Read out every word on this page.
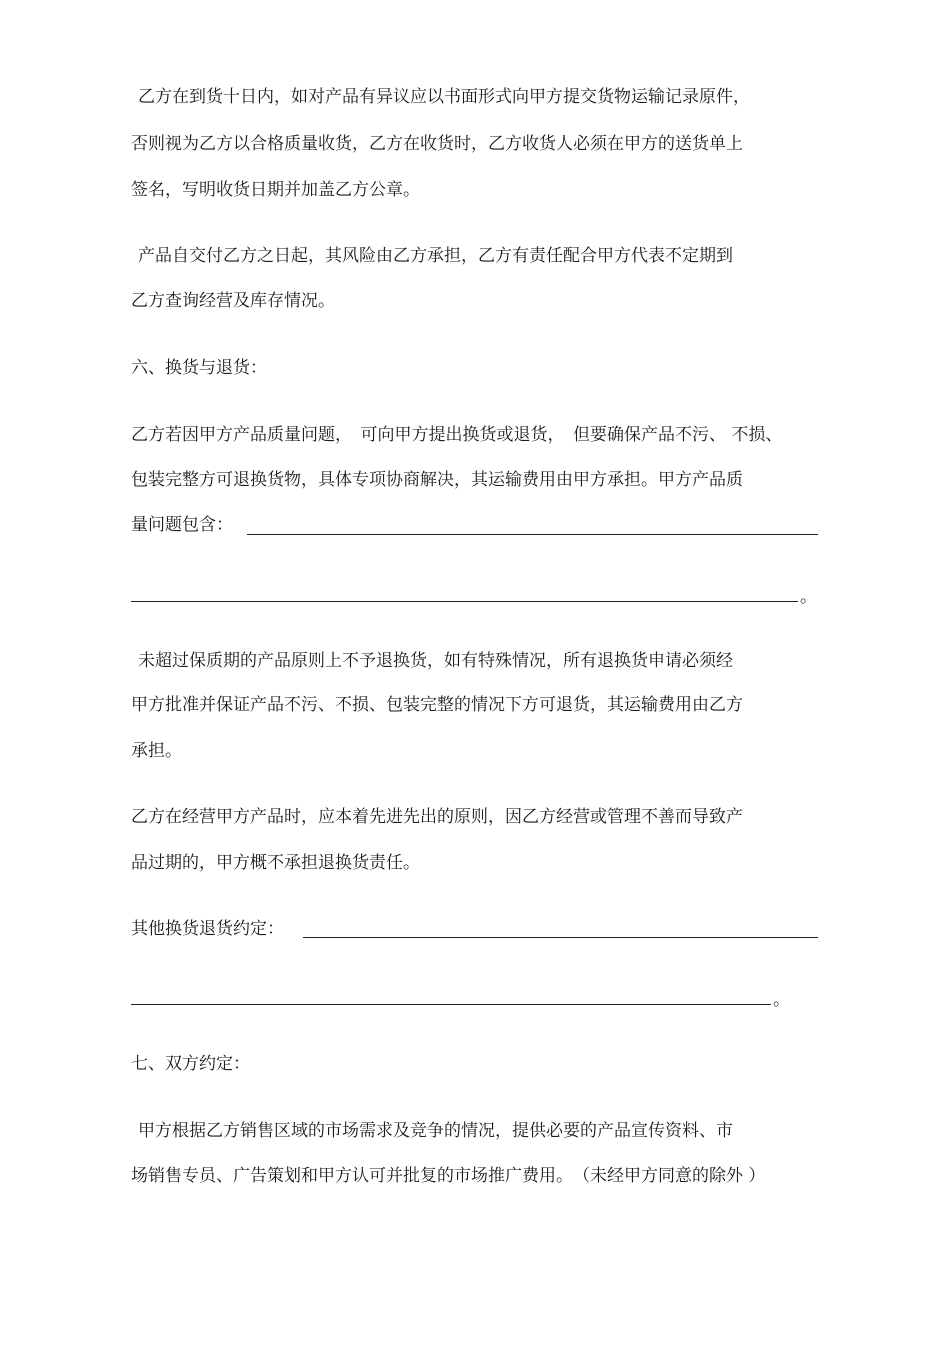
乙方在到货十日内，如对产品有异议应以书面形式向甲方提交货物运输记录原件，
否则视为乙方以合格质量收货，乙方在收货时，乙方收货人必须在甲方的送货单上
签名，写明收货日期并加盖乙方公章。
产品自交付乙方之日起，其风险由乙方承担，乙方有责任配合甲方代表不定期到
乙方查询经营及库存情况。
六、换货与退货：
乙方若因甲方产品质量问题，　可向甲方提出换货或退货，　但要确保产品不污、 不损、
包装完整方可退换货物，具体专项协商解决，其运输费用由甲方承担。甲方产品质
量问题包含：
。
未超过保质期的产品原则上不予退换货，如有特殊情况，所有退换货申请必须经
甲方批准并保证产品不污、不损、包装完整的情况下方可退货，其运输费用由乙方
承担。
乙方在经营甲方产品时，应本着先进先出的原则，因乙方经营或管理不善而导致产
品过期的，甲方概不承担退换货责任。
其他换货退货约定：
。
七、双方约定：
甲方根据乙方销售区域的市场需求及竞争的情况，提供必要的产品宣传资料、市
场销售专员、广告策划和甲方认可并批复的市场推广费用。　（未经甲方同意的除外 ）
